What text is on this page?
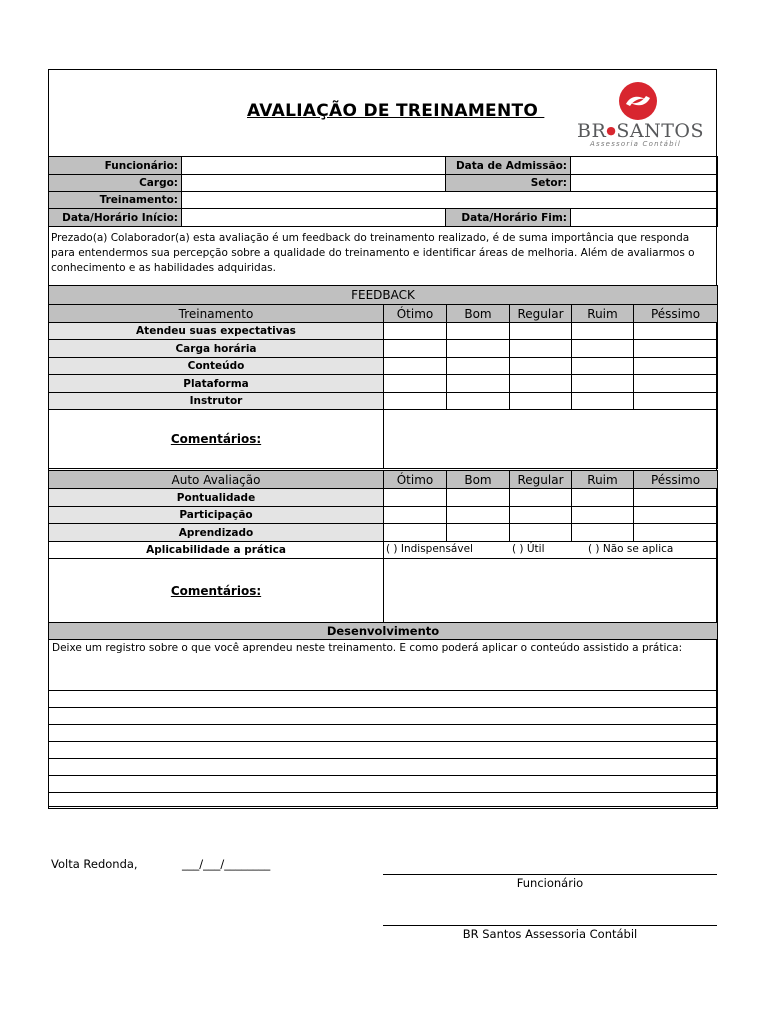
AVALIAÇÃO DE TREINAMENTO
BR●SANTOS
Assessoria Contábil
Funcionário:		Data de Admissão:	
Cargo:		Setor:	
Treinamento:			
Data/Horário Início:		Data/Horário Fim:	
Prezado(a) Colaborador(a) esta avaliação é um feedback do treinamento realizado, é de suma importância que responda para entendermos sua percepção sobre a qualidade do treinamento e identificar áreas de melhoria. Além de avaliarmos o conhecimento e as habilidades adquiridas.
FEEDBACK					
Treinamento	Ótimo	Bom	Regular	Ruim	Péssimo
Atendeu suas expectativas					
Carga horária					
Conteúdo					
Plataforma					
Instrutor					
Comentários:					
Auto Avaliação	Ótimo	Bom	Regular	Ruim	Péssimo
Pontualidade					
Participação					
Aprendizado					
Aplicabilidade a prática	( ) Indispensável ( ) Útil ( ) Não se aplica				

Comentários:					
Desenvolvimento
Deixe um registro sobre o que você aprendeu neste treinamento. E como poderá aplicar o conteúdo assistido a prática:

Volta Redonda,	___/___/________
Funcionário
BR Santos Assessoria Contábil
